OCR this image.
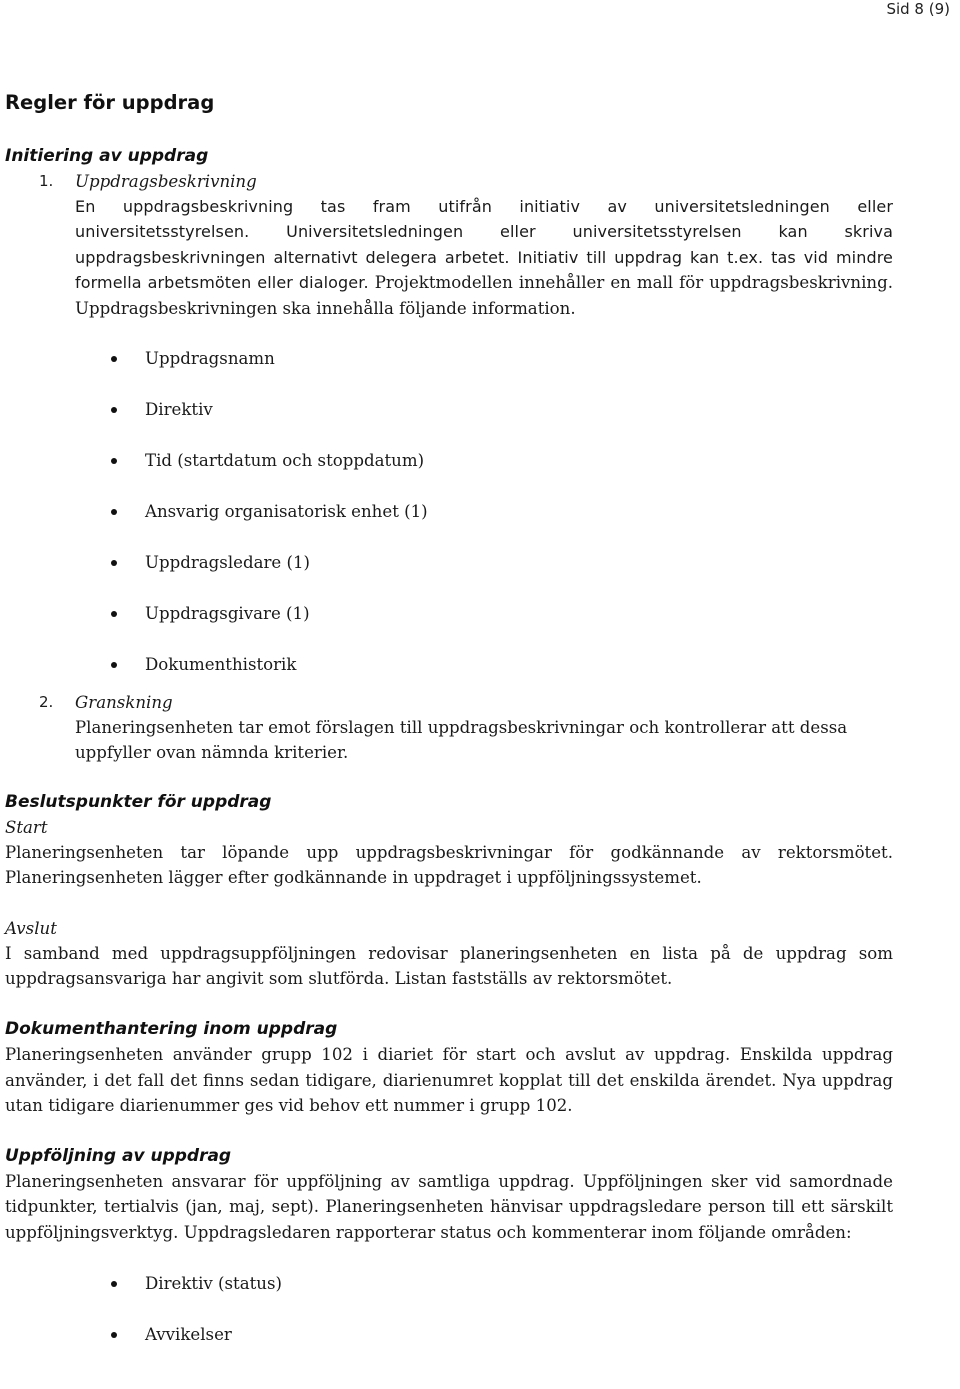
Sid 8 (9)
Regler för uppdrag
Initiering av uppdrag
1.	Uppdragsbeskrivning

En uppdragsbeskrivning tas fram utifrån initiativ av universitetsledningen eller universitetsstyrelsen. Universitetsledningen eller universitetsstyrelsen kan skriva uppdragsbeskrivningen alternativt delegera arbetet. Initiativ till uppdrag kan t.ex. tas vid mindre formella arbetsmöten eller dialoger. Projektmodellen innehåller en mall för uppdragsbeskrivning. Uppdragsbeskrivningen ska innehålla följande information.

Uppdragsnamn
Direktiv
Tid (startdatum och stoppdatum)
Ansvarig organisatorisk enhet (1)
Uppdragsledare (1)
Uppdragsgivare (1)
Dokumenthistorik
2.	Granskning

Planeringsenheten tar emot förslagen till uppdragsbeskrivningar och kontrollerar att dessa uppfyller ovan nämnda kriterier.

Beslutspunkter för uppdrag
Start

Planeringsenheten tar löpande upp uppdragsbeskrivningar för godkännande av rektorsmötet. Planeringsenheten lägger efter godkännande in uppdraget i uppföljningssystemet.

Avslut

I samband med uppdragsuppföljningen redovisar planeringsenheten en lista på de uppdrag som uppdragsansvariga har angivit som slutförda. Listan fastställs av rektorsmötet.

Dokumenthantering inom uppdrag

Planeringsenheten använder grupp 102 i diariet för start och avslut av uppdrag. Enskilda uppdrag använder, i det fall det finns sedan tidigare, diarienumret kopplat till det enskilda ärendet. Nya uppdrag utan tidigare diarienummer ges vid behov ett nummer i grupp 102.

Uppföljning av uppdrag

Planeringsenheten ansvarar för uppföljning av samtliga uppdrag. Uppföljningen sker vid samordnade tidpunkter, tertialvis (jan, maj, sept). Planeringsenheten hänvisar uppdragsledare person till ett särskilt uppföljningsverktyg. Uppdragsledaren rapporterar status och kommenterar inom följande områden:

Direktiv (status)
Avvikelser
